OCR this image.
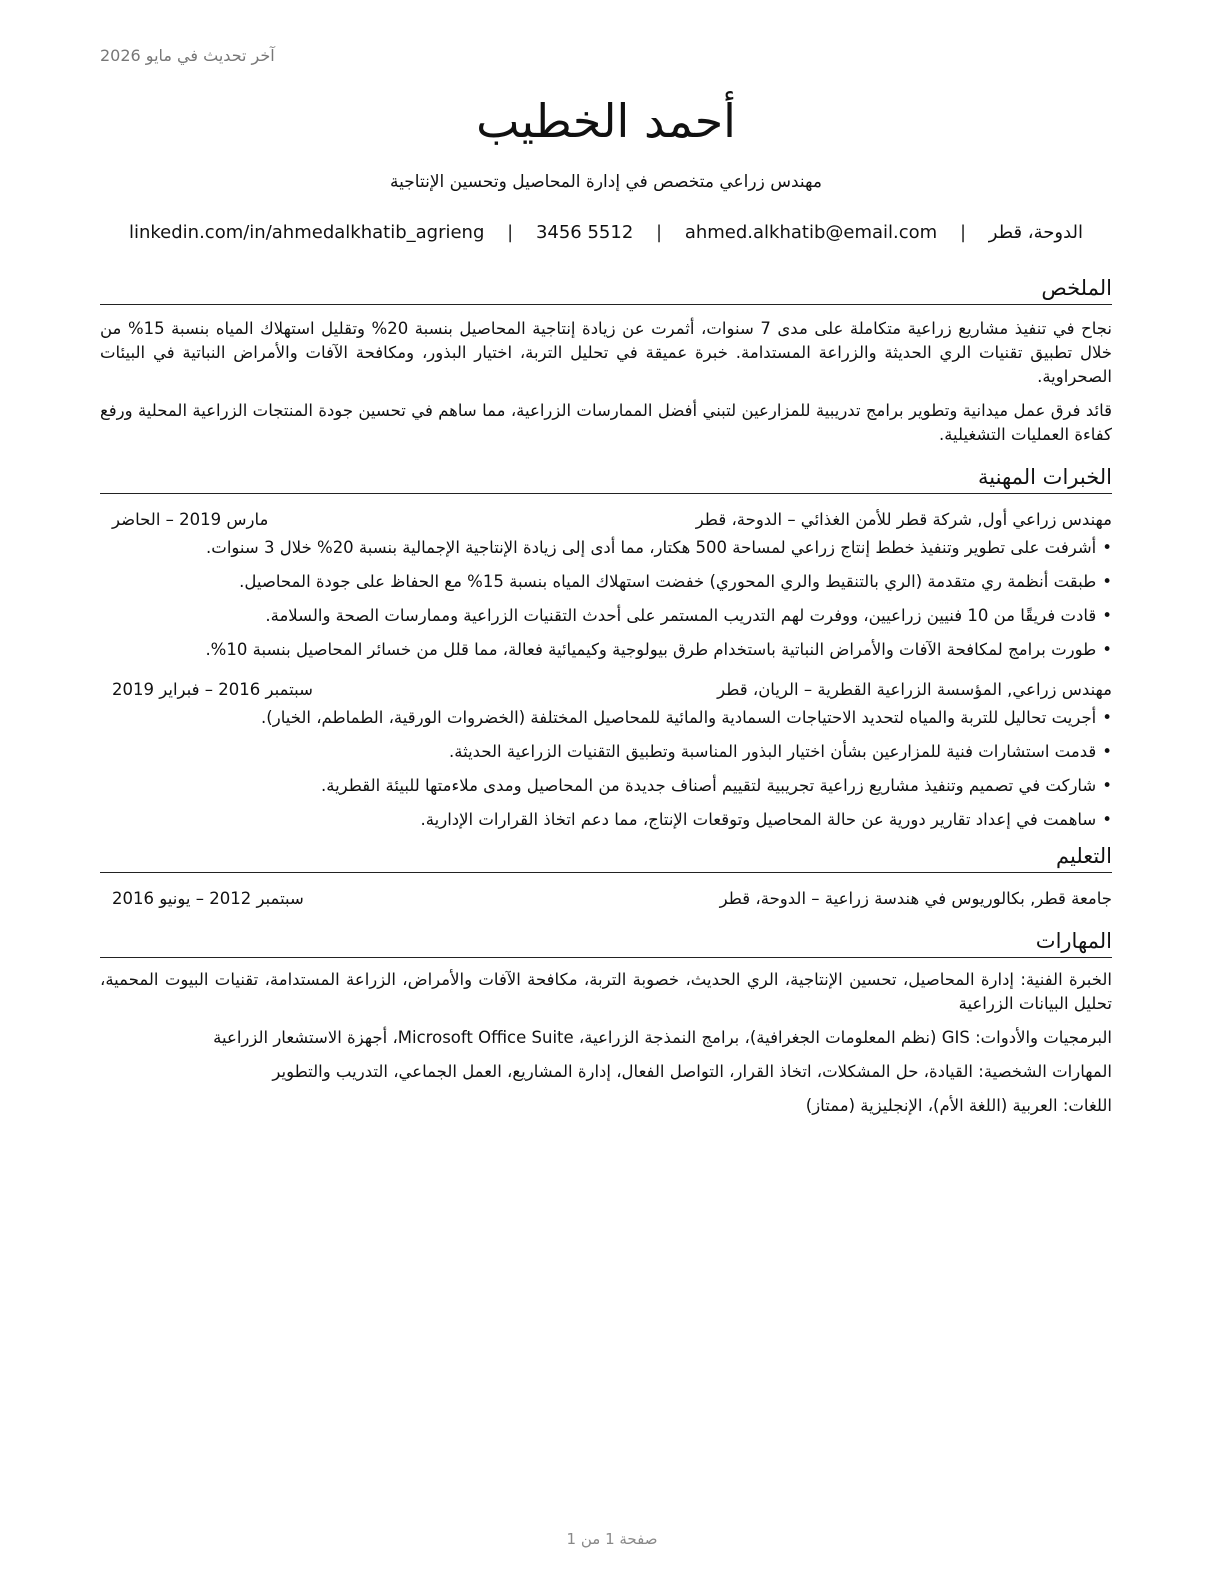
آخر تحديث في مايو 2026
أحمد الخطيب
مهندس زراعي متخصص في إدارة المحاصيل وتحسين الإنتاجية
الدوحة، قطر | ahmed.alkhatib@email.com | 3456 5512 | linkedin.com/in/ahmedalkhatib_agrieng
الملخص

نجاح في تنفيذ مشاريع زراعية متكاملة على مدى 7 سنوات، أثمرت عن زيادة إنتاجية المحاصيل بنسبة 20% وتقليل استهلاك المياه بنسبة 15% من خلال تطبيق تقنيات الري الحديثة والزراعة المستدامة. خبرة عميقة في تحليل التربة، اختيار البذور، ومكافحة الآفات والأمراض النباتية في البيئات الصحراوية.

قائد فرق عمل ميدانية وتطوير برامج تدريبية للمزارعين لتبني أفضل الممارسات الزراعية، مما ساهم في تحسين جودة المنتجات الزراعية المحلية ورفع كفاءة العمليات التشغيلية.

الخبرات المهنية
مهندس زراعي أول, شركة قطر للأمن الغذائي – الدوحة، قطر
مارس 2019 – الحاضر
• أشرفت على تطوير وتنفيذ خطط إنتاج زراعي لمساحة 500 هكتار، مما أدى إلى زيادة الإنتاجية الإجمالية بنسبة 20% خلال 3 سنوات.
• طبقت أنظمة ري متقدمة (الري بالتنقيط والري المحوري) خفضت استهلاك المياه بنسبة 15% مع الحفاظ على جودة المحاصيل.
• قادت فريقًا من 10 فنيين زراعيين، ووفرت لهم التدريب المستمر على أحدث التقنيات الزراعية وممارسات الصحة والسلامة.
• طورت برامج لمكافحة الآفات والأمراض النباتية باستخدام طرق بيولوجية وكيميائية فعالة، مما قلل من خسائر المحاصيل بنسبة 10%.
مهندس زراعي, المؤسسة الزراعية القطرية – الريان، قطر
سبتمبر 2016 – فبراير 2019
• أجريت تحاليل للتربة والمياه لتحديد الاحتياجات السمادية والمائية للمحاصيل المختلفة (الخضروات الورقية، الطماطم، الخيار).
• قدمت استشارات فنية للمزارعين بشأن اختيار البذور المناسبة وتطبيق التقنيات الزراعية الحديثة.
• شاركت في تصميم وتنفيذ مشاريع زراعية تجريبية لتقييم أصناف جديدة من المحاصيل ومدى ملاءمتها للبيئة القطرية.
• ساهمت في إعداد تقارير دورية عن حالة المحاصيل وتوقعات الإنتاج، مما دعم اتخاذ القرارات الإدارية.
التعليم
جامعة قطر, بكالوريوس في هندسة زراعية – الدوحة، قطر
سبتمبر 2012 – يونيو 2016
المهارات

الخبرة الفنية: إدارة المحاصيل، تحسين الإنتاجية، الري الحديث، خصوبة التربة، مكافحة الآفات والأمراض، الزراعة المستدامة، تقنيات البيوت المحمية، تحليل البيانات الزراعية

البرمجيات والأدوات: GIS (نظم المعلومات الجغرافية)، برامج النمذجة الزراعية، Microsoft Office Suite، أجهزة الاستشعار الزراعية

المهارات الشخصية: القيادة، حل المشكلات، اتخاذ القرار، التواصل الفعال، إدارة المشاريع، العمل الجماعي، التدريب والتطوير

اللغات: العربية (اللغة الأم)، الإنجليزية (ممتاز)

صفحة 1 من 1
